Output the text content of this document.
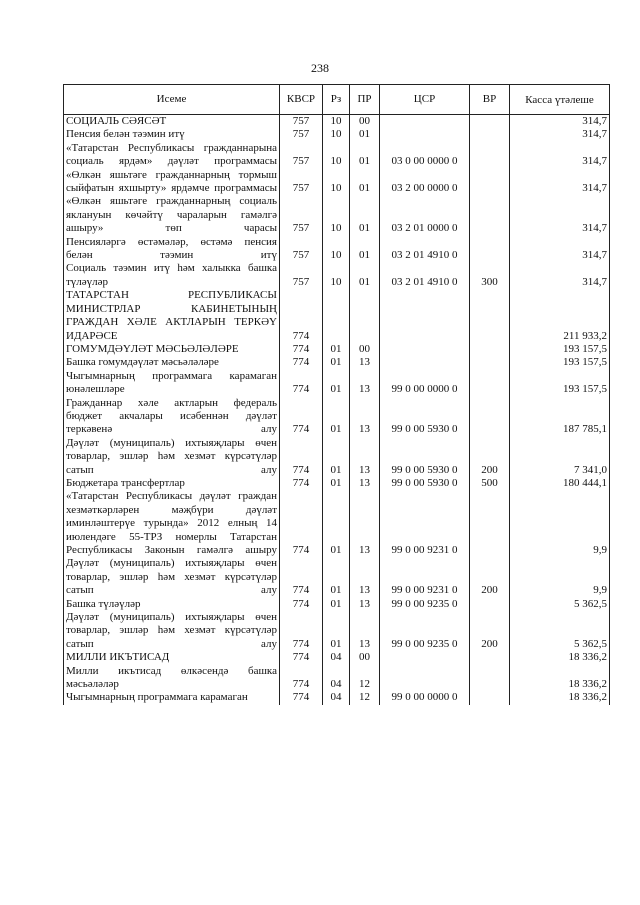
238
Исеме	КВСР	Рз	ПР	ЦСР	ВР	Касса үтәлеше
СОЦИАЛЬ СӘЯСӘТ	757	10	00			314,7
Пенсия белән тәэмин итү	757	10	01			314,7
«Татарстан Республикасы гражданнарына социаль ярдәм» дәүләт программасы	757	10	01	03 0 00 0000 0		314,7
«Өлкән яшьтәге гражданнарның тормыш сыйфатын яхшырту» ярдәмче программасы	757	10	01	03 2 00 0000 0		314,7
«Өлкән яшьтәге гражданнарның социаль яклануын көчәйтү чараларын гамәлгә ашыру» төп чарасы	757	10	01	03 2 01 0000 0		314,7
Пенсияләргә өстәмәләр, өстәмә пенсия белән тәэмин итү	757	10	01	03 2 01 4910 0		314,7
Социаль тәэмин итү һәм халыкка башка түләүләр	757	10	01	03 2 01 4910 0	300	314,7
ТАТАРСТАН РЕСПУБЛИКАСЫ МИНИСТРЛАР КАБИНЕТЫНЫҢ ГРАЖДАН ХӘЛЕ АКТЛАРЫН ТЕРКӘҮ ИДАРӘСЕ	774					211 933,2
ГОМУМДӘҮЛӘТ МӘСЬӘЛӘЛӘРЕ	774	01	00			193 157,5
Башка гомумдәүләт мәсьәләләре	774	01	13			193 157,5
Чыгымнарның программага карамаган юнәлешләре	774	01	13	99 0 00 0000 0		193 157,5
Гражданнар хәле актларын федераль бюджет акчалары исәбеннән дәүләт теркәвенә алу	774	01	13	99 0 00 5930 0		187 785,1
Дәүләт (муниципаль) ихтыяҗлары өчен товарлар, эшләр һәм хезмәт күрсәтүләр сатып алу	774	01	13	99 0 00 5930 0	200	7 341,0
Бюджетара трансфертлар	774	01	13	99 0 00 5930 0	500	180 444,1
«Татарстан Республикасы дәүләт граждан хезмәткәрләрен мәҗбүри дәүләт иминләштерүе турында» 2012 елның 14 июлендәге 55-ТРЗ номерлы Татарстан Республикасы Законын гамәлгә ашыру	774	01	13	99 0 00 9231 0		9,9
Дәүләт (муниципаль) ихтыяҗлары өчен товарлар, эшләр һәм хезмәт күрсәтүләр сатып алу	774	01	13	99 0 00 9231 0	200	9,9
Башка түләүләр	774	01	13	99 0 00 9235 0		5 362,5
Дәүләт (муниципаль) ихтыяҗлары өчен товарлар, эшләр һәм хезмәт күрсәтүләр сатып алу	774	01	13	99 0 00 9235 0	200	5 362,5
МИЛЛИ ИКЪТИСАД	774	04	00			18 336,2
Милли икътисад өлкәсендә башка мәсьәләләр	774	04	12			18 336,2
Чыгымнарның программага карамаган	774	04	12	99 0 00 0000 0		18 336,2
